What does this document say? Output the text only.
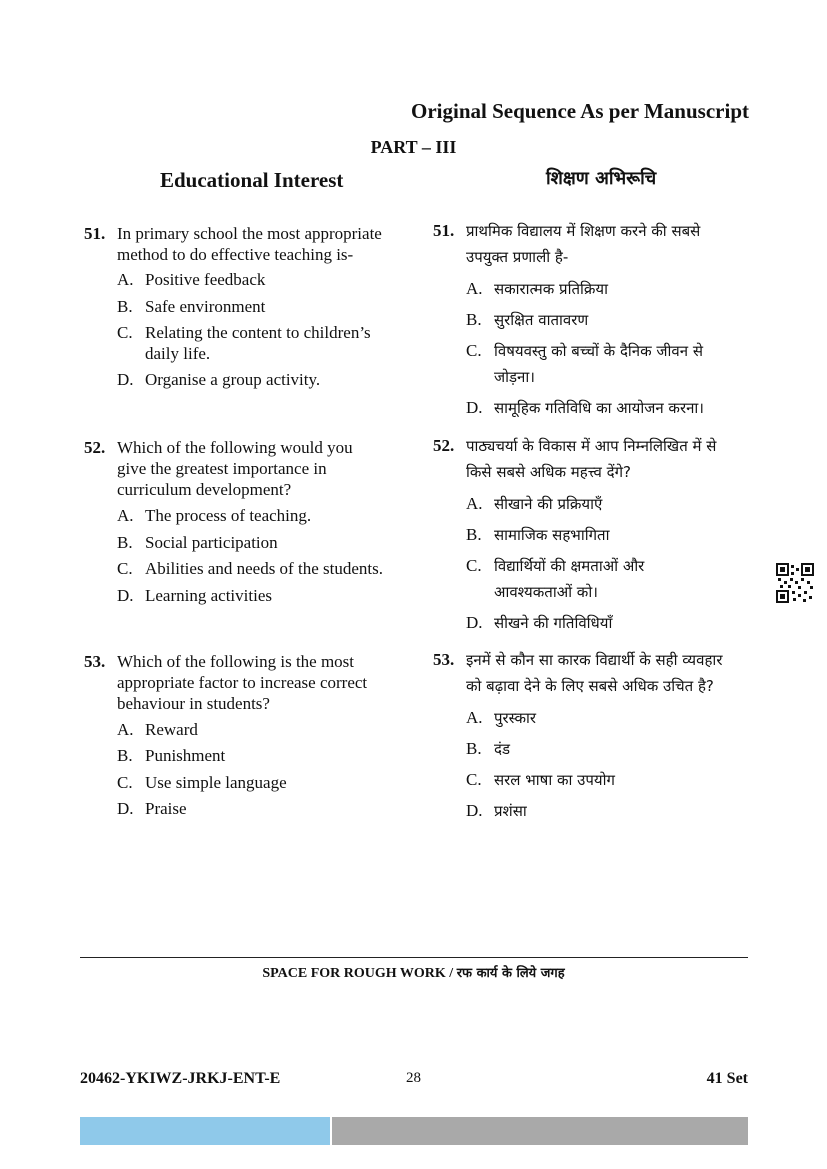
Original Sequence As per Manuscript
PART – III
Educational Interest	शिक्षण अभिरूचि
51. In primary school the most appropriate
method to do effective teaching is-
A. Positive feedback
B. Safe environment
C. Relating the content to children’s
daily life.
D. Organise a group activity.
52. Which of the following would you
give the greatest importance in
curriculum development?
A. The process of teaching.
B. Social participation
C. Abilities and needs of the students.
D. Learning activities
53. Which of the following is the most
appropriate factor to increase correct
behaviour in students?
A. Reward
B. Punishment
C. Use simple language
D. Praise
51. प्राथमिक विद्यालय में शिक्षण करने की सबसे
उपयुक्त प्रणाली है-
A. सकारात्मक प्रतिक्रिया
B. सुरक्षित वातावरण
C. विषयवस्तु को बच्चों के दैनिक जीवन से
जोड़ना।
D. सामूहिक गतिविधि का आयोजन करना।
52. पाठ्यचर्या के विकास में आप निम्नलिखित में से
किसे सबसे अधिक महत्त्व देंगे?
A. सीखाने की प्रक्रियाएँ
B. सामाजिक सहभागिता
C. विद्यार्थियों की क्षमताओं और
आवश्यकताओं को।
D. सीखने की गतिविधियाँ
53. इनमें से कौन सा कारक विद्यार्थी के सही व्यवहार
को बढ़ावा देने के लिए सबसे अधिक उचित है?
A. पुरस्कार
B. दंड
C. सरल भाषा का उपयोग
D. प्रशंसा
SPACE FOR ROUGH WORK / रफ कार्य के लिये जगह
20462-YKIWZ-JRKJ-ENT-E	28	41 Set
